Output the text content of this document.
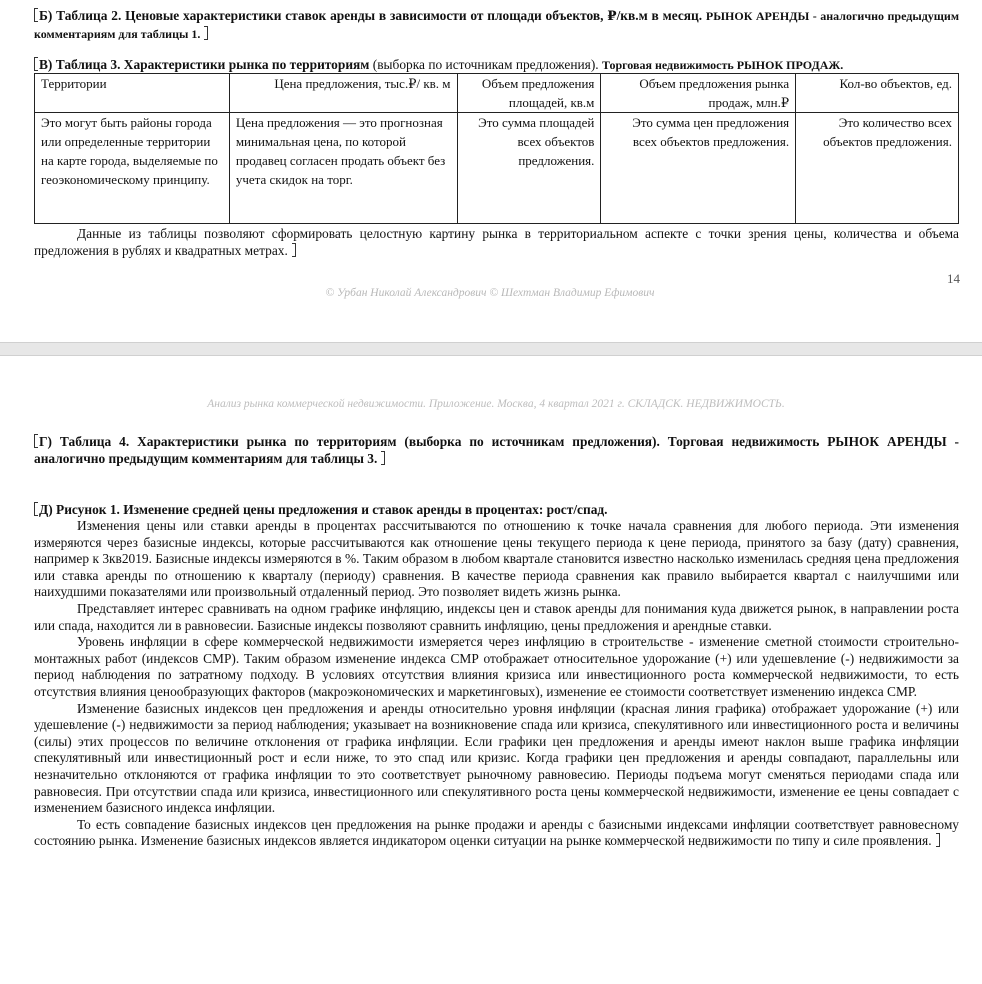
Б) Таблица 2. Ценовые характеристики ставок аренды в зависимости от площади объектов, ₽/кв.м в месяц. РЫНОК АРЕНДЫ - аналогично предыдущим комментариям для таблицы 1.
В) Таблица 3. Характеристики рынка по территориям (выборка по источникам предложения). Торговая недвижимость РЫНОК ПРОДАЖ.
Территории	Цена предложения, тыс.₽/ кв. м	Объем предложения площадей, кв.м	Объем предложения рынка продаж, млн.₽	Кол-во объектов, ед.
Это могут быть районы города или определенные территории на карте города, выделяемые по геоэкономическому принципу.	Цена предложения — это прогнозная минимальная цена, по которой продавец согласен продать объект без учета скидок на торг.	Это сумма площадей всех объектов предложения.	Это сумма цен предложения всех объектов предложения.	Это количество всех объектов предложения.

Данные из таблицы позволяют сформировать целостную картину рынка в территориальном аспекте с точки зрения цены, количества и объема предложения в рублях и квадратных метрах.

14
© Урбан Николай Александрович © Шехтман Владимир Ефимович
Анализ рынка коммерческой недвижимости. Приложение. Москва, 4 квартал 2021 г. СКЛАДСК. НЕДВИЖИМОСТЬ.
Г) Таблица 4. Характеристики рынка по территориям (выборка по источникам предложения). Торговая недвижимость РЫНОК АРЕНДЫ - аналогично предыдущим комментариям для таблицы 3.
Д) Рисунок 1. Изменение средней цены предложения и ставок аренды в процентах: рост/спад.

Изменения цены или ставки аренды в процентах рассчитываются по отношению к точке начала сравнения для любого периода. Эти изменения измеряются через базисные индексы, которые рассчитываются как отношение цены текущего периода к цене периода, принятого за базу (дату) сравнения, например к 3кв2019. Базисные индексы измеряются в %. Таким образом в любом квартале становится известно насколько изменилась средняя цена предложения или ставка аренды по отношению к кварталу (периоду) сравнения. В качестве периода сравнения как правило выбирается квартал с наилучшими или наихудшими показателями или произвольный отдаленный период. Это позволяет видеть жизнь рынка.

Представляет интерес сравнивать на одном графике инфляцию, индексы цен и ставок аренды для понимания куда движется рынок, в направлении роста или спада, находится ли в равновесии. Базисные индексы позволяют сравнить инфляцию, цены предложения и арендные ставки.

Уровень инфляции в сфере коммерческой недвижимости измеряется через инфляцию в строительстве - изменение сметной стоимости строительно-монтажных работ (индексов СМР). Таким образом изменение индекса СМР отображает относительное удорожание (+) или удешевление (-) недвижимости за период наблюдения по затратному подходу. В условиях отсутствия влияния кризиса или инвестиционного роста коммерческой недвижимости, то есть отсутствия влияния ценообразующих факторов (макроэкономических и маркетинговых), изменение ее стоимости соответствует изменению индекса СМР.

Изменение базисных индексов цен предложения и аренды относительно уровня инфляции (красная линия графика) отображает удорожание (+) или удешевление (-) недвижимости за период наблюдения; указывает на возникновение спада или кризиса, спекулятивного или инвестиционного роста и величины (силы) этих процессов по величине отклонения от графика инфляции. Если графики цен предложения и аренды имеют наклон выше графика инфляции спекулятивный или инвестиционный рост и если ниже, то это спад или кризис. Когда графики цен предложения и аренды совпадают, параллельны или незначительно отклоняются от графика инфляции то это соответствует рыночному равновесию. Периоды подъема могут сменяться периодами спада или равновесия. При отсутствии спада или кризиса, инвестиционного или спекулятивного роста цены коммерческой недвижимости, изменение ее цены совпадает с изменением базисного индекса инфляции.

То есть совпадение базисных индексов цен предложения на рынке продажи и аренды с базисными индексами инфляции соответствует равновесному состоянию рынка. Изменение базисных индексов является индикатором оценки ситуации на рынке коммерческой недвижимости по типу и силе проявления.
